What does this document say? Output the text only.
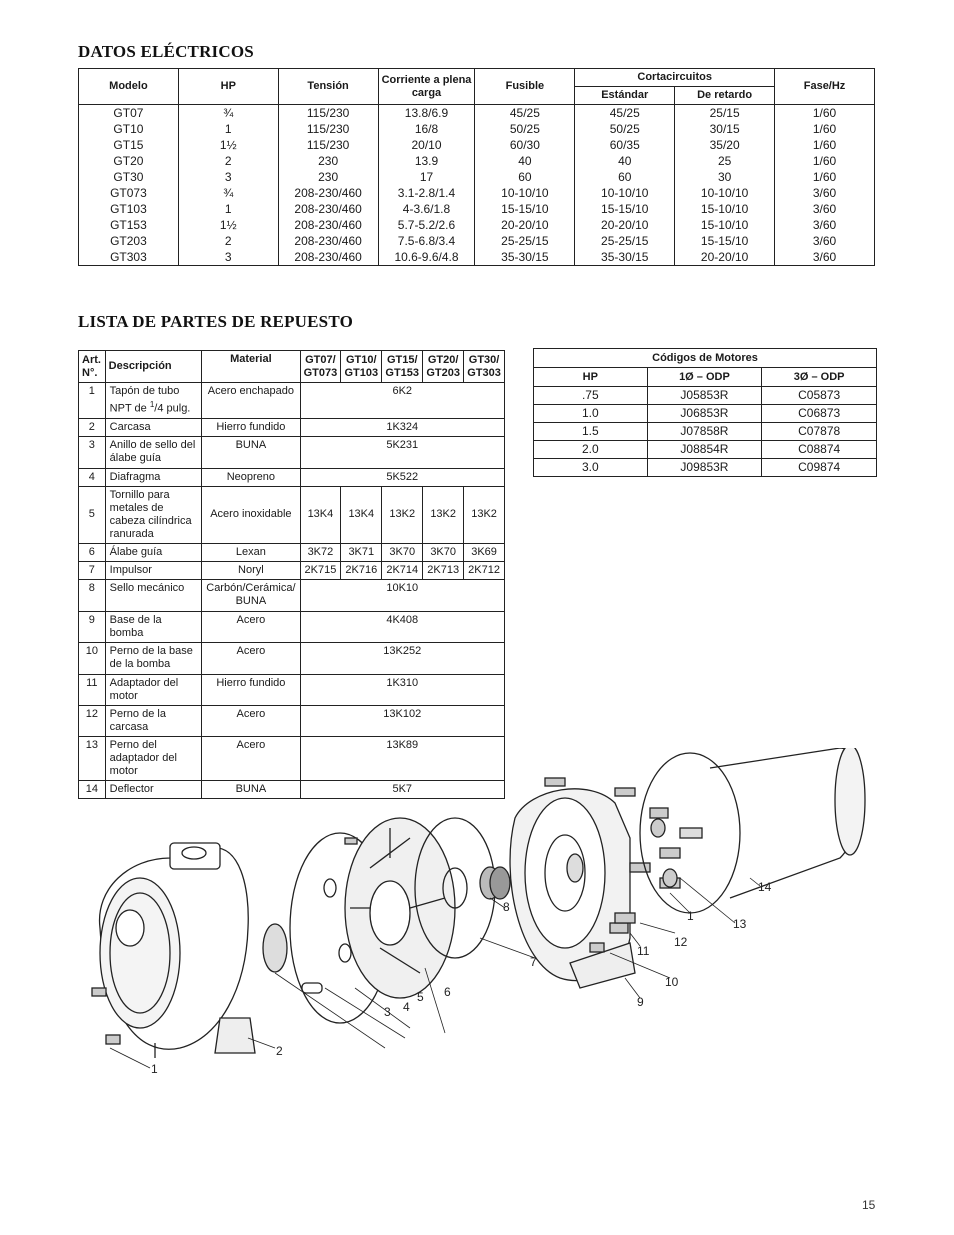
DATOS ELÉCTRICOS
Modelo	HP	Tensión	Corriente a plena carga	Fusible	Cortacircuitos		Fase/Hz
					Estándar	De retardo	
GT07	¾	115/230	13.8/6.9	45/25	45/25	25/15	1/60
GT10	1	115/230	16/8	50/25	50/25	30/15	1/60
GT15	1½	115/230	20/10	60/30	60/35	35/20	1/60
GT20	2	230	13.9	40	40	25	1/60
GT30	3	230	17	60	60	30	1/60
GT073	¾	208-230/460	3.1-2.8/1.4	10-10/10	10-10/10	10-10/10	3/60
GT103	1	208-230/460	4-3.6/1.8	15-15/10	15-15/10	15-10/10	3/60
GT153	1½	208-230/460	5.7-5.2/2.6	20-20/10	20-20/10	15-10/10	3/60
GT203	2	208-230/460	7.5-6.8/3.4	25-25/15	25-25/15	15-15/10	3/60
GT303	3	208-230/460	10.6-9.6/4.8	35-30/15	35-30/15	20-20/10	3/60
LISTA DE PARTES DE REPUESTO
Art. N°.	Descripción	Material	GT07/ GT073	GT10/ GT103	GT15/ GT153	GT20/ GT203	GT30/ GT303
1	Tapón de tubo NPT de $^1$/4 pulg.	Acero enchapado	6K2				
2	Carcasa	Hierro fundido	1K324				
3	Anillo de sello del álabe guía	BUNA	5K231				
4	Diafragma	Neopreno	5K522				
5	Tornillo para metales de cabeza cilíndrica ranurada	Acero inoxidable	13K4	13K4	13K2	13K2	13K2
6	Álabe guía	Lexan	3K72	3K71	3K70	3K70	3K69
7	Impulsor	Noryl	2K715	2K716	2K714	2K713	2K712
8	Sello mecánico	Carbón/Cerámica/ BUNA	10K10				
9	Base de la bomba	Acero	4K408				
10	Perno de la base de la bomba	Acero	13K252				
11	Adaptador del motor	Hierro fundido	1K310				
12	Perno de la carcasa	Acero	13K102				
13	Perno del adaptador del motor	Acero	13K89				
14	Deflector	BUNA	5K7				
Códigos de Motores		
HP	1Ø – ODP	3Ø – ODP
.75	J05853R	C05873
1.0	J06853R	C06873
1.5	J07858R	C07878
2.0	J08854R	C08874
3.0	J09853R	C09874
1
2
3 4
5 6
7
8
9
10
11
12
13
14
1
15
